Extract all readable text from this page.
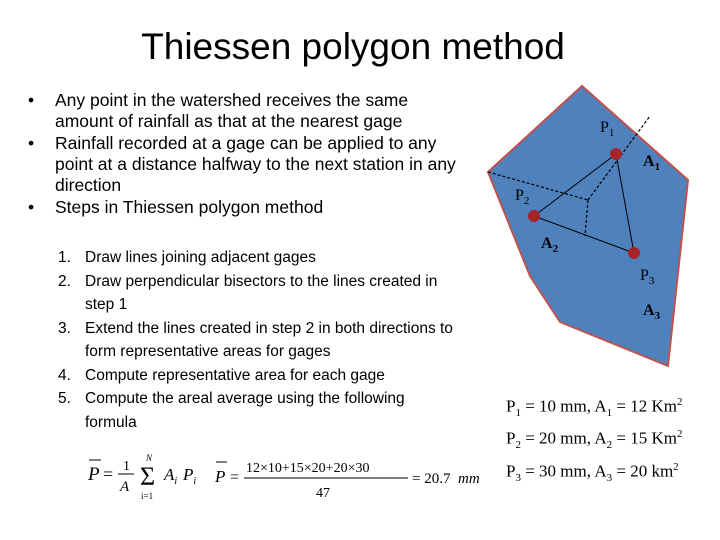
Thiessen polygon method
• Any point in the watershed receives the same amount of rainfall as that at the nearest gage
• Rainfall recorded at a gage can be applied to any point at a distance halfway to the next station in any direction
• Steps in Thiessen polygon method
1. Draw lines joining adjacent gages
2. Draw perpendicular bisectors to the lines created in step 1
3. Extend the lines created in step 2 in both directions to form representative areas for gages
4. Compute representative area for each gage
5. Compute the areal average using the following formula
$P_1$
$A_1$
$P_2$
$A_2$
$P_3$
$A_3$
P = 1
A
N
Σ
i=1
$A_i$ $P_i$ P =
12×10+15×20+20×30
47
= 20.7 mm
$P_1 = 10$ mm, $A_1 = 12$ Km$^2$
$P_2 = 20$ mm, $A_2 = 15$ Km$^2$
$P_3 = 30$ mm, $A_3 = 20$ $km^2$
